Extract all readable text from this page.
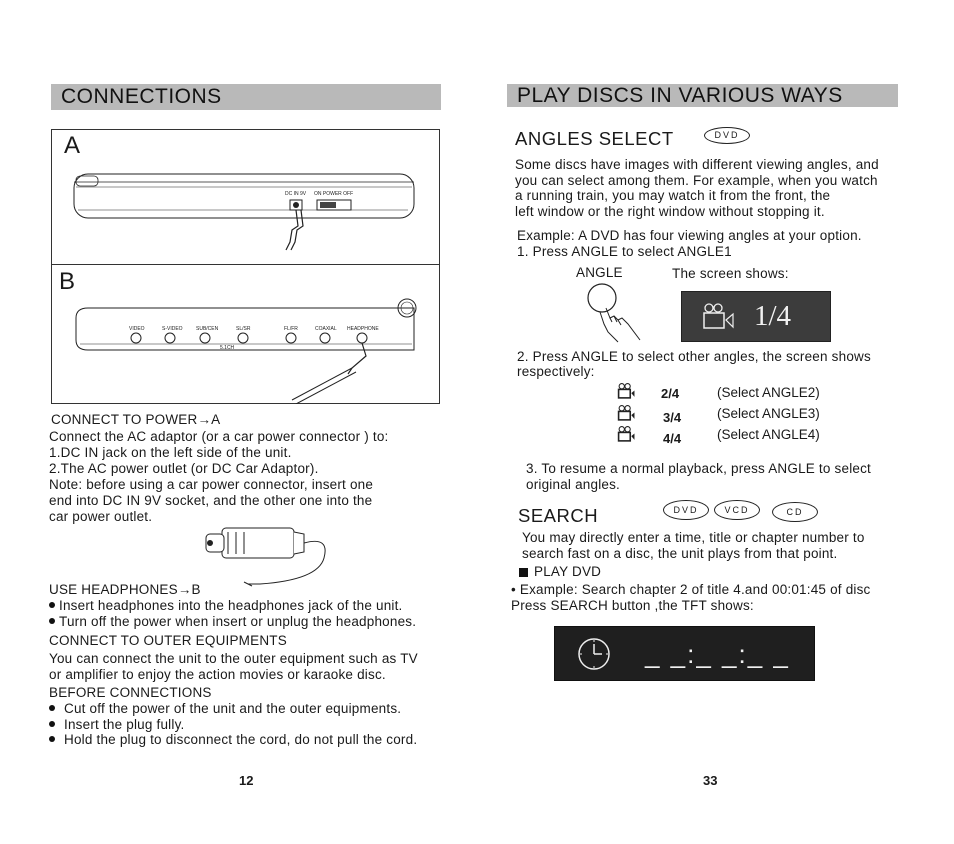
CONNECTIONS
A
B
DC IN 9V ON POWER OFF
VIDEO	S-VIDEO	SUB/CEN	SL/SR	FL/FR	COAXIAL HEADPHONE
5.1CH
CONNECT TO POWER→A
Connect the AC adaptor (or a car power connector ) to:
1.DC IN jack on the left side of the unit.
2.The AC power outlet (or DC Car Adaptor).
Note: before using a car power connector, insert one
end into DC IN 9V socket, and the other one into the
car power outlet.
USE HEADPHONES→B
Insert headphones into the headphones jack of the unit.
Turn off the power when insert or unplug the headphones.
CONNECT TO OUTER EQUIPMENTS
You can connect the unit to the outer equipment such as TV
or amplifier to enjoy the action movies or karaoke disc.
BEFORE CONNECTIONS
Cut off the power of the unit and the outer equipments.
Insert the plug fully.
Hold the plug to disconnect the cord, do not pull the cord.
12
PLAY DISCS IN VARIOUS WAYS
ANGLES SELECT	DVD
Some discs have images with different viewing angles, and
you can select among them. For example, when you watch
a running train, you may watch it from the front, the
left window or the right window without stopping it.
Example: A DVD has four viewing angles at your option.
1. Press ANGLE to select ANGLE1
ANGLE	The screen shows:
1/4
2. Press ANGLE to select other angles, the screen shows
respectively:
2/4	(Select ANGLE2)
3/4	(Select ANGLE3)
4/4	(Select ANGLE4)
3. To resume a normal playback, press ANGLE to select
original angles.
SEARCH	DVD	VCD	CD
You may directly enter a time, title or chapter number to
search fast on a disc, the unit plays from that point.
PLAY DVD
• Example: Search chapter 2 of title 4.and 00:01:45 of disc
Press SEARCH button ,the TFT shows:
_ _:_ _:_ _
33
